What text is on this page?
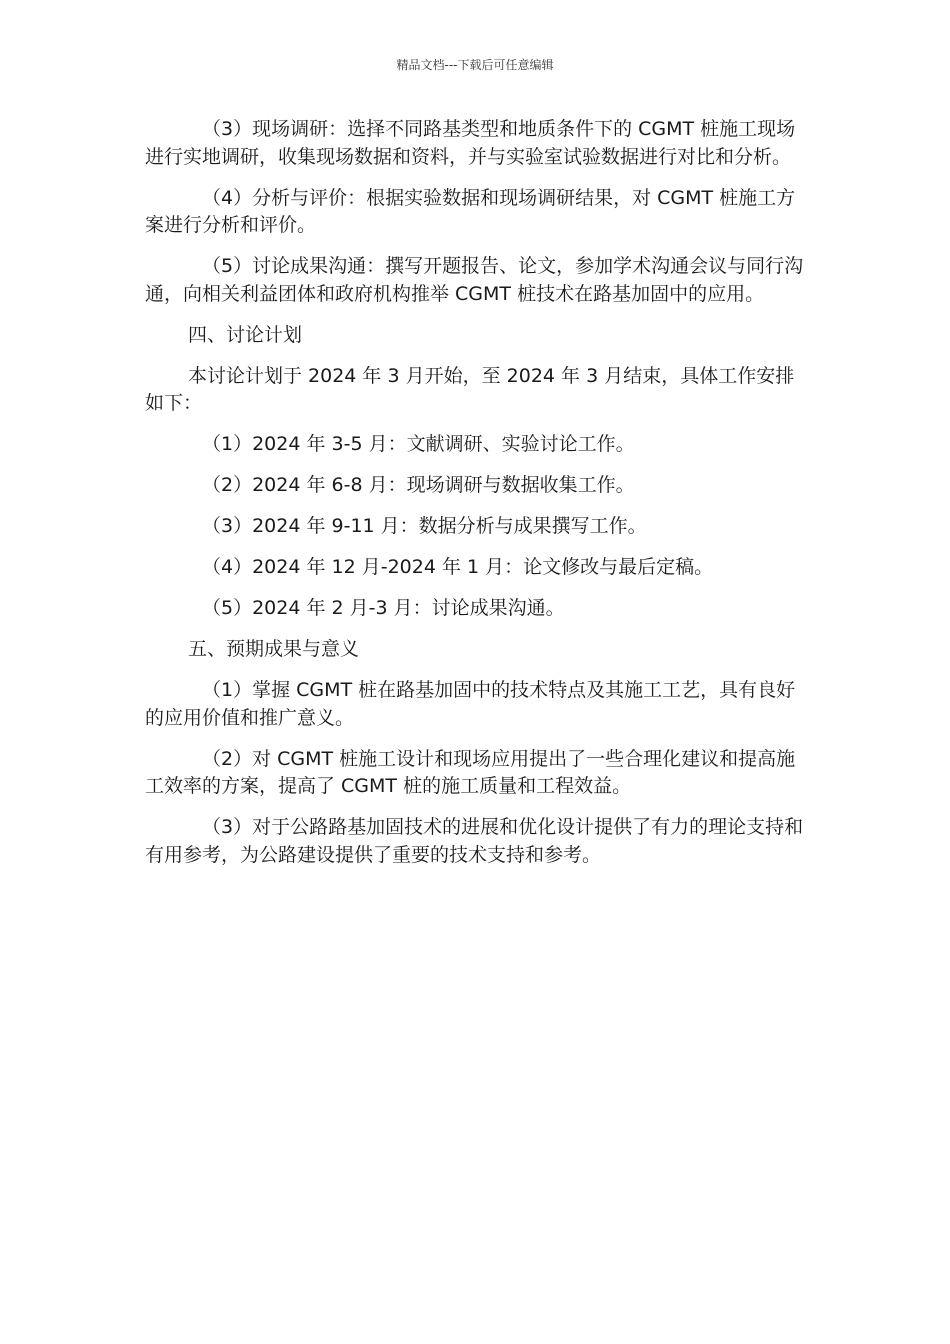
精品文档---下载后可任意编辑

（3）现场调研：选择不同路基类型和地质条件下的 CGMT 桩施工现场进行实地调研，收集现场数据和资料，并与实验室试验数据进行对比和分析。

（4）分析与评价：根据实验数据和现场调研结果，对 CGMT 桩施工方案进行分析和评价。

（5）讨论成果沟通：撰写开题报告、论文，参加学术沟通会议与同行沟通，向相关利益团体和政府机构推举 CGMT 桩技术在路基加固中的应用。

四、讨论计划

本讨论计划于 2024 年 3 月开始，至 2024 年 3 月结束，具体工作安排如下：

（1）2024 年 3-5 月：文献调研、实验讨论工作。

（2）2024 年 6-8 月：现场调研与数据收集工作。

（3）2024 年 9-11 月：数据分析与成果撰写工作。

（4）2024 年 12 月-2024 年 1 月：论文修改与最后定稿。

（5）2024 年 2 月-3 月：讨论成果沟通。

五、预期成果与意义

（1）掌握 CGMT 桩在路基加固中的技术特点及其施工工艺，具有良好的应用价值和推广意义。

（2）对 CGMT 桩施工设计和现场应用提出了一些合理化建议和提高施工效率的方案，提高了 CGMT 桩的施工质量和工程效益。

（3）对于公路路基加固技术的进展和优化设计提供了有力的理论支持和有用参考，为公路建设提供了重要的技术支持和参考。
